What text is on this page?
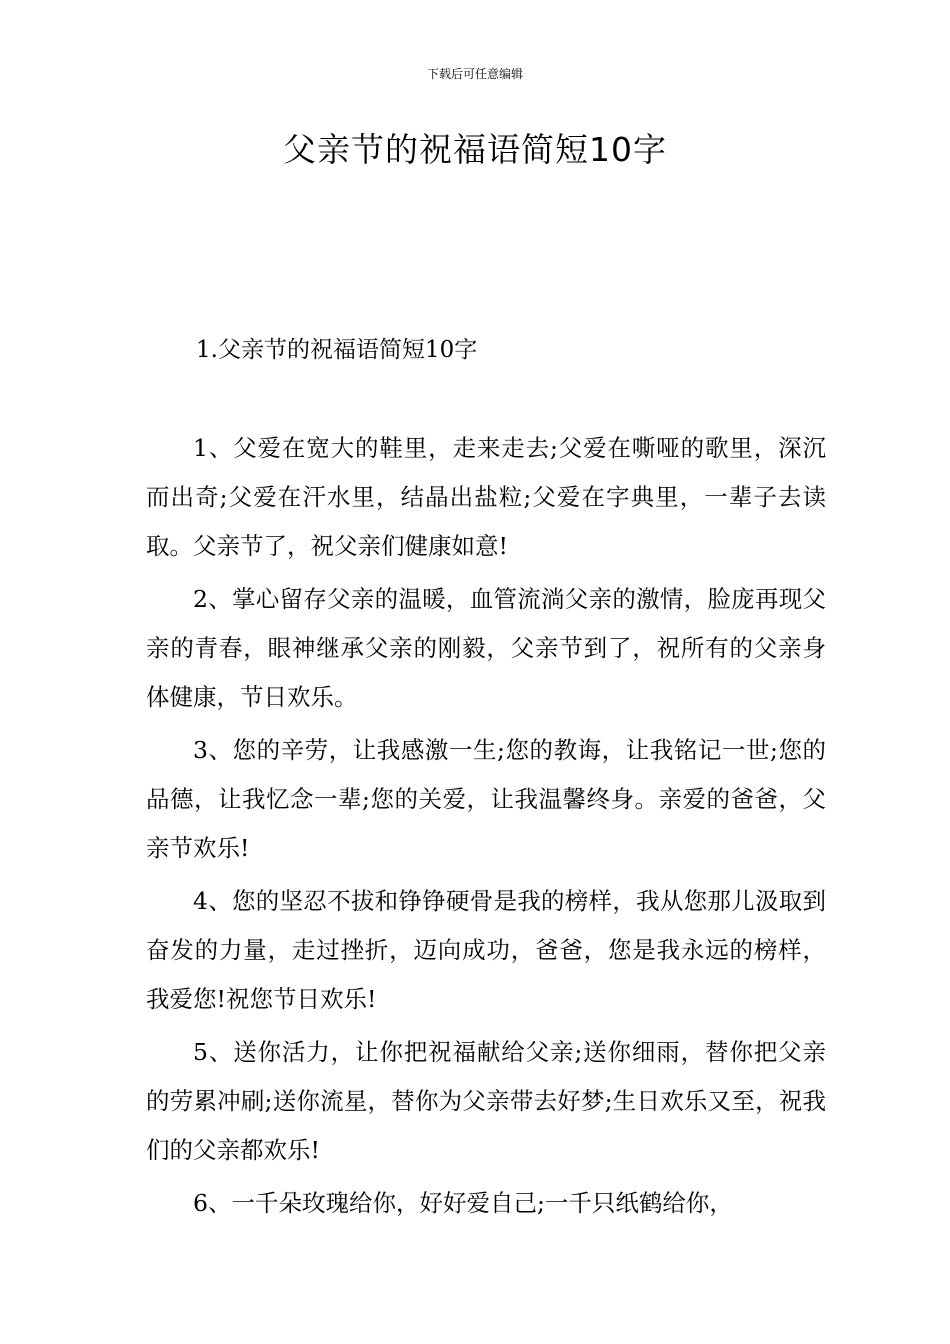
下载后可任意编辑
父亲节的祝福语简短10字
1.父亲节的祝福语简短10字

1、父爱在宽大的鞋里，走来走去;父爱在嘶哑的歌里，深沉而出奇;父爱在汗水里，结晶出盐粒;父爱在字典里，一辈子去读取。父亲节了，祝父亲们健康如意!

2、掌心留存父亲的温暖，血管流淌父亲的激情，脸庞再现父亲的青春，眼神继承父亲的刚毅，父亲节到了，祝所有的父亲身体健康，节日欢乐。

3、您的辛劳，让我感激一生;您的教诲，让我铭记一世;您的品德，让我忆念一辈;您的关爱，让我温馨终身。亲爱的爸爸，父亲节欢乐!

4、您的坚忍不拔和铮铮硬骨是我的榜样，我从您那儿汲取到奋发的力量，走过挫折，迈向成功，爸爸，您是我永远的榜样，我爱您!祝您节日欢乐!

5、送你活力，让你把祝福献给父亲;送你细雨，替你把父亲的劳累冲刷;送你流星，替你为父亲带去好梦;生日欢乐又至，祝我们的父亲都欢乐!

6、一千朵玫瑰给你，好好爱自己;一千只纸鹤给你，
